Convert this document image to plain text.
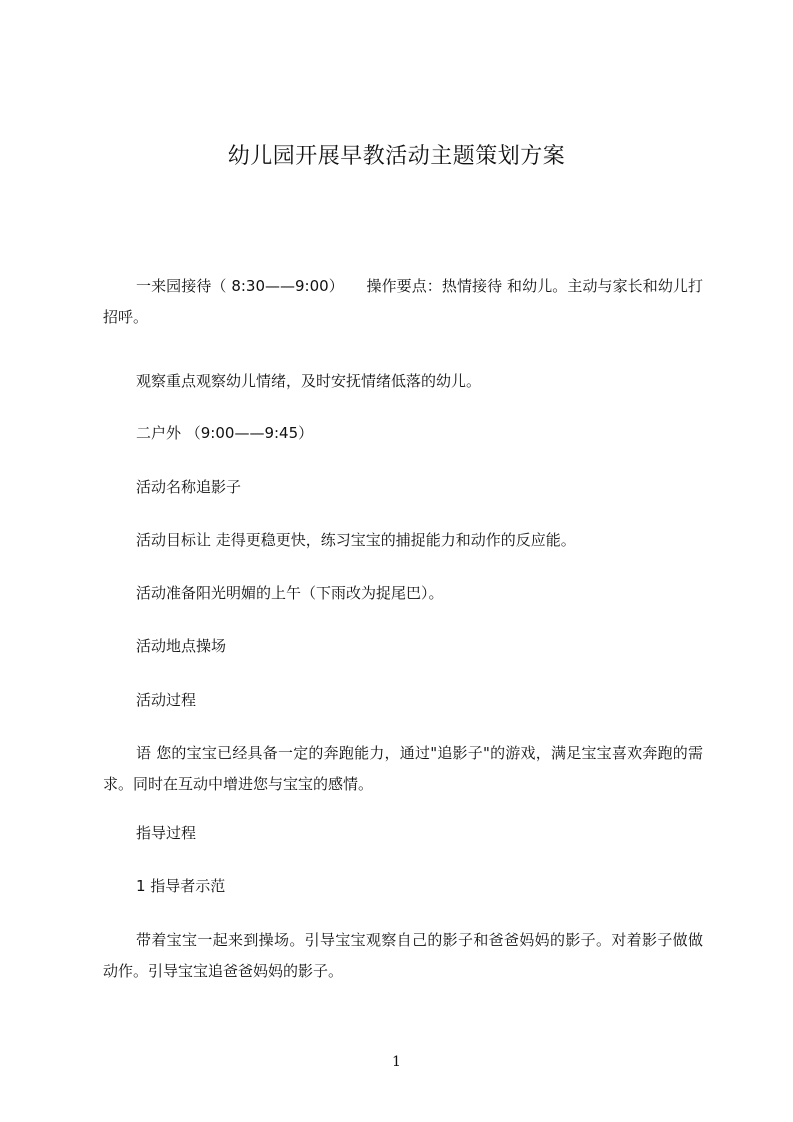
幼儿园开展早教活动主题策划方案

一来园接待（ 8:30——9:00）　　操作要点：热情接待 和幼儿。主动与家长和幼儿打招呼。

观察重点观察幼儿情绪，及时安抚情绪低落的幼儿。

二户外 （9:00——9:45）

活动名称追影子

活动目标让 走得更稳更快，练习宝宝的捕捉能力和动作的反应能。

活动准备阳光明媚的上午（下雨改为捉尾巴）。

活动地点操场

活动过程

语 您的宝宝已经具备一定的奔跑能力，通过"追影子"的游戏，满足宝宝喜欢奔跑的需求。同时在互动中增进您与宝宝的感情。

指导过程

1 指导者示范

带着宝宝一起来到操场。引导宝宝观察自己的影子和爸爸妈妈的影子。对着影子做做动作。引导宝宝追爸爸妈妈的影子。

1
